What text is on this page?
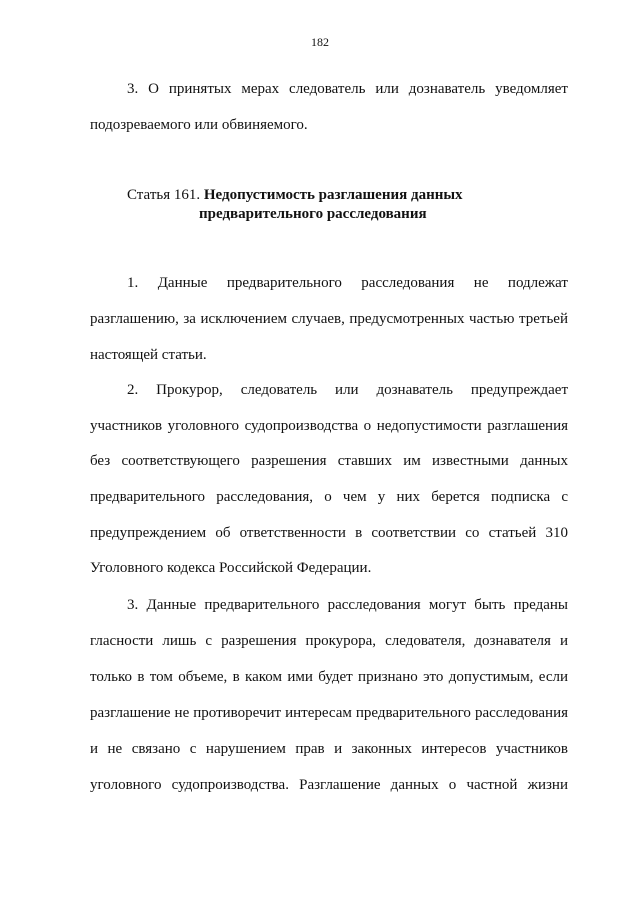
182
3. О принятых мерах следователь или дознаватель уведомляет
подозреваемого или обвиняемого.
Статья 161. Недопустимость разглашения данных
предварительного расследования
1. Данные предварительного расследования не подлежат
разглашению, за исключением случаев, предусмотренных частью третьей
настоящей статьи.
2. Прокурор, следователь или дознаватель предупреждает
участников уголовного судопроизводства о недопустимости разглашения
без соответствующего разрешения ставших им известными данных
предварительного расследования, о чем у них берется подписка с
предупреждением об ответственности в соответствии со статьей 310
Уголовного кодекса Российской Федерации.
3. Данные предварительного расследования могут быть преданы
гласности лишь с разрешения прокурора, следователя, дознавателя и
только в том объеме, в каком ими будет признано это допустимым, если
разглашение не противоречит интересам предварительного расследования
и не связано с нарушением прав и законных интересов участников
уголовного судопроизводства. Разглашение данных о частной жизни
